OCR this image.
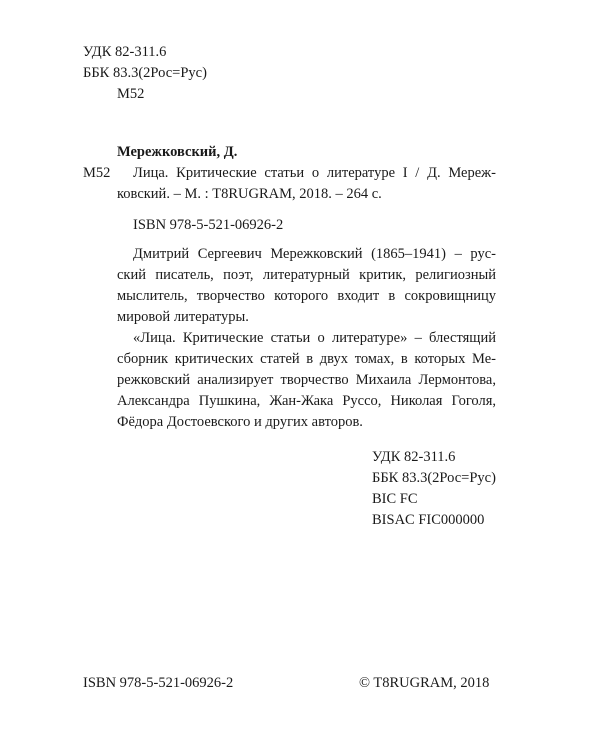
УДК 82-311.6
ББК 83.3(2Рос=Рус)
М52
Мережковский, Д.
М52 Лица. Критические статьи о литературе I / Д. Мереж-
ковский. – М. : T8RUGRAM, 2018. – 264 с.
ISBN 978-5-521-06926-2
Дмитрий Сергеевич Мережковский (1865–1941) – рус-
ский писатель, поэт, литературный критик, религиозный
мыслитель, творчество которого входит в сокровищницу
мировой литературы.
«Лица. Критические статьи о литературе» – блестящий
сборник критических статей в двух томах, в которых Ме-
режковский анализирует творчество Михаила Лермонтова,
Александра Пушкина, Жан-Жака Руссо, Николая Гоголя,
Фёдора Достоевского и других авторов.
УДК 82-311.6
ББК 83.3(2Рос=Рус)
BIC FC
BISAC FIC000000
ISBN 978-5-521-06926-2	© T8RUGRAM, 2018
